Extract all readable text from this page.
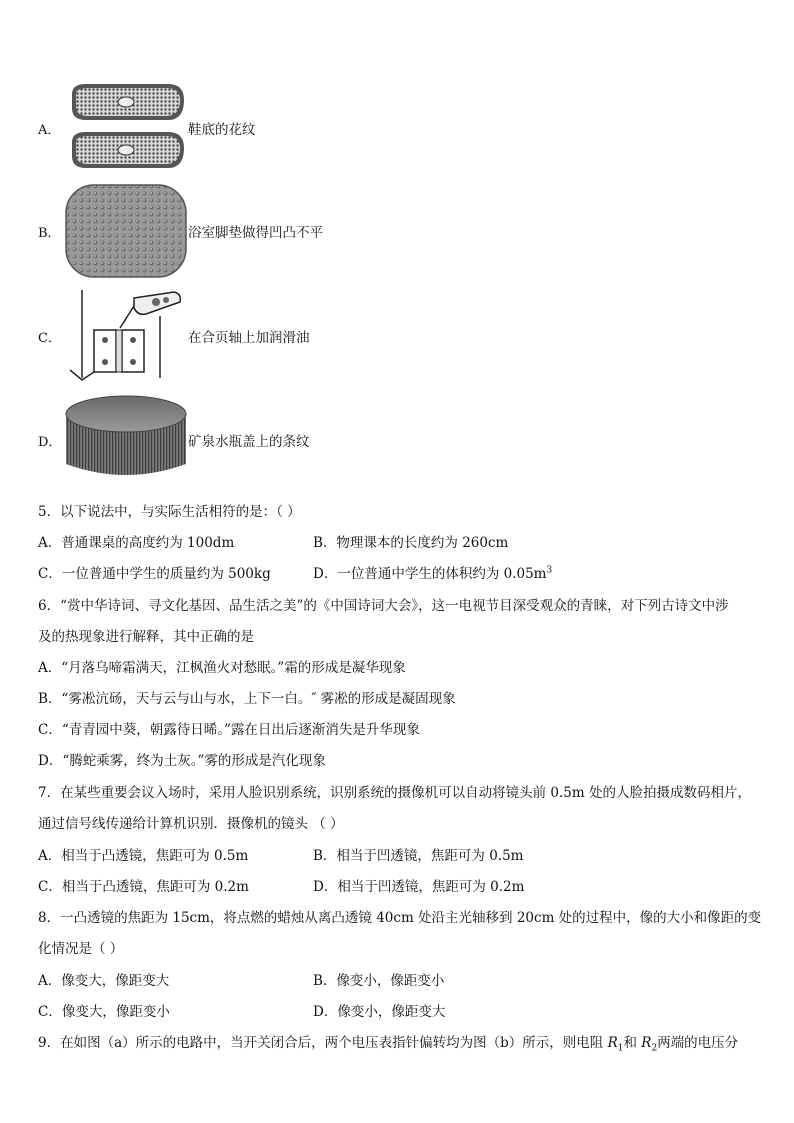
A．	鞋底的花纹
B．	浴室脚垫做得凹凸不平
C．	在合页轴上加润滑油
D．	矿泉水瓶盖上的条纹
5．以下说法中，与实际生活相符的是：（ ）
A．普通课桌的高度约为 100dm	B．物理课本的长度约为 260cm
C．一位普通中学生的质量约为 500kg	D．一位普通中学生的体积约为 $0.05m^3$
6．“赏中华诗词、寻文化基因、品生活之美”的《中国诗词大会》，这一电视节目深受观众的青睐，对下列古诗文中涉
及的热现象进行解释，其中正确的是
A．“月落乌啼霜满天，江枫渔火对愁眠。”霜的形成是凝华现象
B．“雾凇沆砀，天与云与山与水，上下一白。″ 雾凇的形成是凝固现象
C．“青青园中葵，朝露待日晞。”露在日出后逐渐消失是升华现象
D．“腾蛇乘雾，终为土灰。”雾的形成是汽化现象
7．在某些重要会议入场时，采用人脸识别系统，识别系统的摄像机可以自动将镜头前 0.5m 处的人脸拍摄成数码相片，
通过信号线传递给计算机识别．摄像机的镜头 （ ）
A．相当于凸透镜，焦距可为 0.5m	B．相当于凹透镜，焦距可为 0.5m
C．相当于凸透镜，焦距可为 0.2m	D．相当于凹透镜，焦距可为 0.2m
8．一凸透镜的焦距为 15cm，将点燃的蜡烛从离凸透镜 40cm 处沿主光轴移到 20cm 处的过程中，像的大小和像距的变
化情况是（ ）
A．像变大，像距变大	B．像变小，像距变小
C．像变大，像距变小	D．像变小，像距变大
9．在如图（a）所示的电路中，当开关闭合后，两个电压表指针偏转均为图（b）所示，则电阻 $R_1$和 $R_2$两端的电压分
